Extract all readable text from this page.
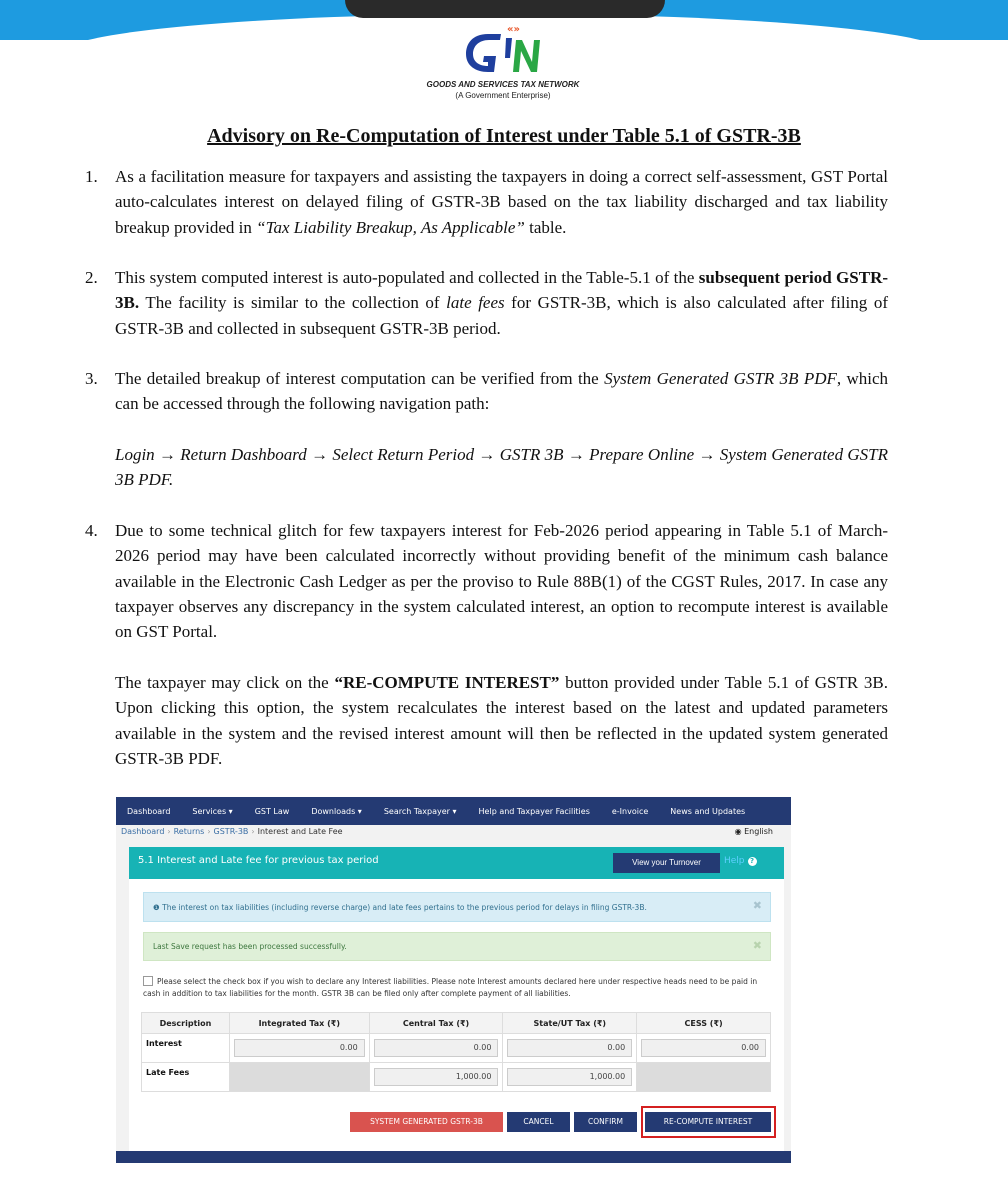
«»
GOODS AND SERVICES TAX NETWORK
(A Government Enterprise)
Advisory on Re-Computation of Interest under Table 5.1 of GSTR-3B
1. As a facilitation measure for taxpayers and assisting the taxpayers in doing a correct self-assessment, GST Portal auto-calculates interest on delayed filing of GSTR-3B based on the tax liability discharged and tax liability breakup provided in “Tax Liability Breakup, As Applicable” table.
2. This system computed interest is auto-populated and collected in the Table-5.1 of the subsequent period GSTR-3B. The facility is similar to the collection of late fees for GSTR-3B, which is also calculated after filing of GSTR-3B and collected in subsequent GSTR-3B period.
3. The detailed breakup of interest computation can be verified from the System Generated GSTR 3B PDF, which can be accessed through the following navigation path:
Login → Return Dashboard → Select Return Period → GSTR 3B → Prepare Online → System Generated GSTR 3B PDF.
4. Due to some technical glitch for few taxpayers interest for Feb-2026 period appearing in Table 5.1 of March-2026 period may have been calculated incorrectly without providing benefit of the minimum cash balance available in the Electronic Cash Ledger as per the proviso to Rule 88B(1) of the CGST Rules, 2017. In case any taxpayer observes any discrepancy in the system calculated interest, an option to recompute interest is available on GST Portal.
The taxpayer may click on the “RE-COMPUTE INTEREST” button provided under Table 5.1 of GSTR 3B. Upon clicking this option, the system recalculates the interest based on the latest and updated parameters available in the system and the revised interest amount will then be reflected in the updated system generated GSTR-3B PDF.
Dashboard	Services ▾	GST Law	Downloads ▾	Search Taxpayer ▾	Help and Taxpayer Facilities	e-Invoice	News and Updates
Dashboard › Returns › GSTR-3B › Interest and Late Fee	◉ English
5.1 Interest and Late fee for previous tax period	View your Turnover	Help ?
❶ The interest on tax liabilities (including reverse charge) and late fees pertains to the previous period for delays in filing GSTR-3B.	✖
Last Save request has been processed successfully.	✖
Please select the check box if you wish to declare any Interest liabilities. Please note Interest amounts declared here under respective heads need to be paid in cash in addition to tax liabilities for the month. GSTR 3B can be filed only after complete payment of all liabilities.
Description	Integrated Tax (₹)	Central Tax (₹)	State/UT Tax (₹)	CESS (₹)
Interest	0.00	0.00	0.00	0.00

Late Fees		1,000.00	1,000.00	

SYSTEM GENERATED GSTR-3B	CANCEL	CONFIRM	RE-COMPUTE INTEREST
